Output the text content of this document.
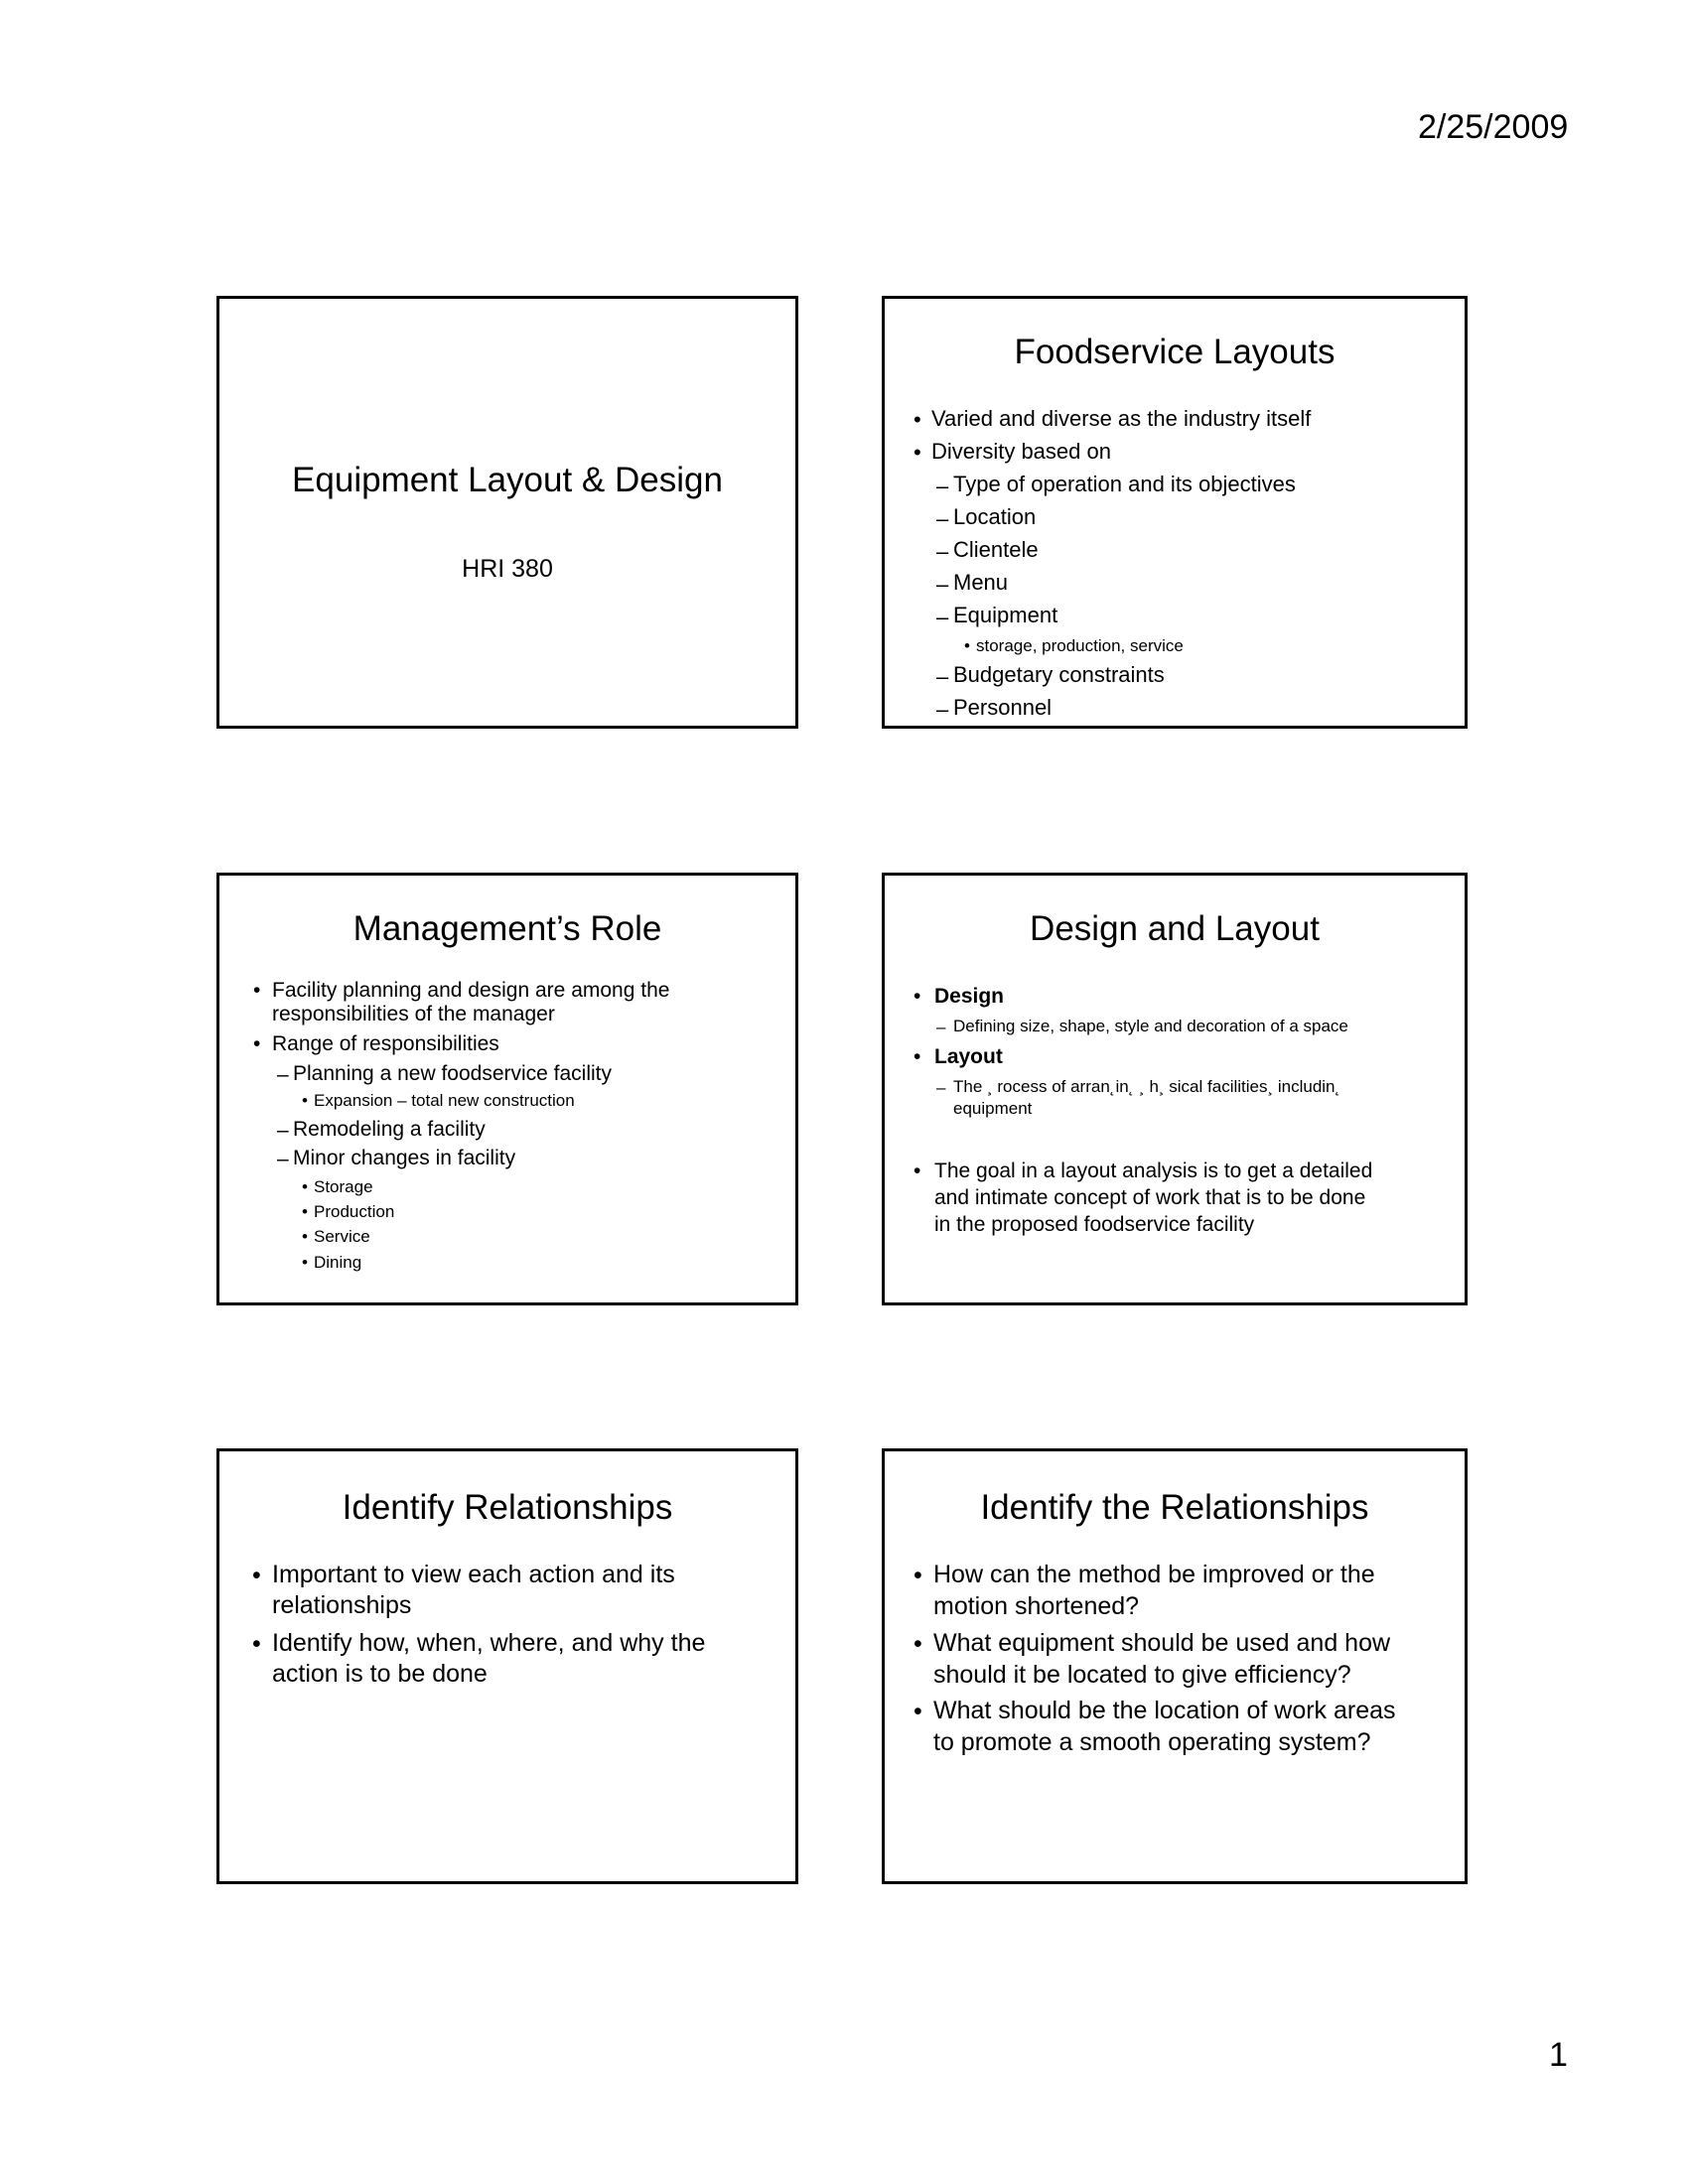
2/25/2009
Equipment Layout & Design
HRI 380
Foodservice Layouts
• Varied and diverse as the industry itself
• Diversity based on
– Type of operation and its objectives
– Location
– Clientele
– Menu
– Equipment
• storage, production, service
– Budgetary constraints
– Personnel
Management’s Role
• Facility planning and design are among the
responsibilities of the manager
• Range of responsibilities
– Planning a new foodservice facility
• Expansion – total new construction
– Remodeling a facility
– Minor changes in facility
• Storage
• Production
• Service
• Dining
Design and Layout
• Design
– Defining size, shape, style and decoration of a space
• Layout
– The ¸ rocess of arran˛in˛ ¸ h¸ sical facilities¸ includin˛
equipment
• The goal in a layout analysis is to get a detailed
and intimate concept of work that is to be done
in the proposed foodservice facility
Identify Relationships
• Important to view each action and its
relationships
• Identify how, when, where, and why the
action is to be done
Identify the Relationships
• How can the method be improved or the
motion shortened?
• What equipment should be used and how
should it be located to give efficiency?
• What should be the location of work areas
to promote a smooth operating system?
1
